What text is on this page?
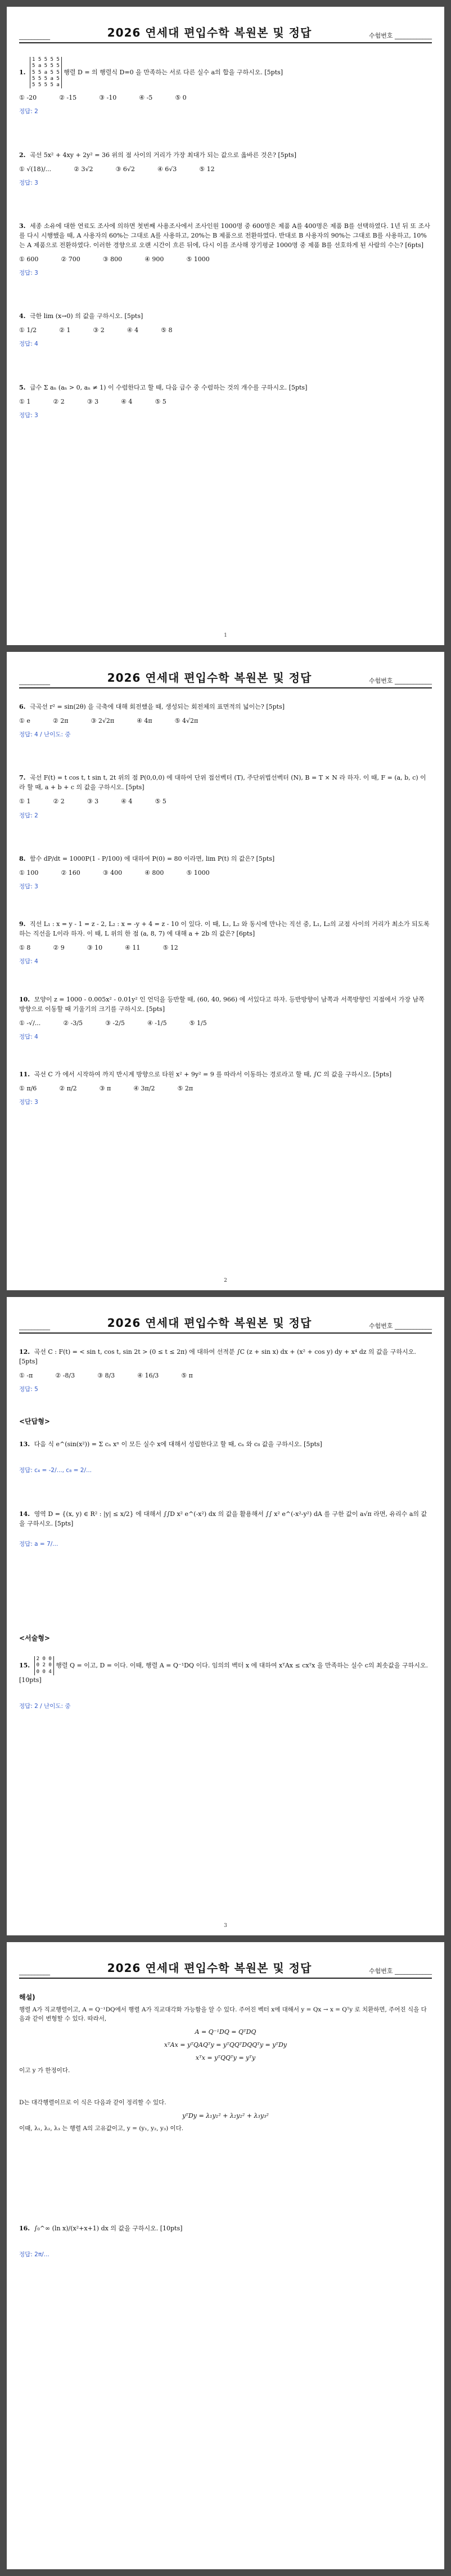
__________	2026 연세대 편입수학 복원본 및 정답	수험번호 ____________
1.
1 5 5 5 5
5 a 5 5 5
5 5 a 5 5
5 5 5 a 5
5 5 5 5 a
행렬 D = 의 행렬식 D=0 을 만족하는 서로 다른 실수 a의 합을 구하시오. [5pts]
① -20	② -15	③ -10	④ -5	⑤ 0
정답: 2
2. 곡선 5x² + 4xy + 2y² = 36 위의 점 사이의 거리가 가장 최대가 되는 값으로 옳바른 것은? [5pts]
① √(18)/...	② 3√2	③ 6√2	④ 6√3	⑤ 12
정답: 3
3. 세종 소유에 대한 연료도 조사에 의하면 첫번째 사용조사에서 조사인원 1000명 중 600명은 제품 A를 400명은 제품 B를 선택하였다. 1년 뒤 또 조사를 다시 시행했을 때, A 사용자의 60%는 그대로 A를 사용하고, 20%는 B 제품으로 전환하였다. 반대로 B 사용자의 90%는 그대로 B를 사용하고, 10%는 A 제품으로 전환하였다. 이러한 경향으로 오랜 시간이 흐른 뒤에, 다시 이를 조사해 장기평균 1000명 중 제품 B를 선호하게 된 사람의 수는? [6pts]
① 600	② 700	③ 800	④ 900	⑤ 1000
정답: 3
4. 극한 lim (x→0) 의 값을 구하시오. [5pts]
① 1/2	② 1	③ 2	④ 4	⑤ 8
정답: 4
5. 급수 Σ aₙ (aₙ > 0, aₙ ≠ 1) 이 수렴한다고 할 때, 다음 급수 중 수렴하는 것의 개수를 구하시오. [5pts]
① 1	② 2	③ 3	④ 4	⑤ 5
정답: 3
1
__________	2026 연세대 편입수학 복원본 및 정답	수험번호 ____________
6. 극곡선 r² = sin(2θ) 을 극축에 대해 회전했을 때, 생성되는 회전체의 표면적의 넓이는? [5pts]
① e	② 2π	③ 2√2π	④ 4π	⑤ 4√2π
정답: 4 / 난이도: 중
7. 곡선 F(t) = t cos t, t sin t, 2t 위의 점 P(0,0,0) 에 대하여 단위 접선벡터 (T), 주단위법선벡터 (N), B = T × N 라 하자. 이 때, F = (a, b, c) 이라 할 때, a + b + c 의 값을 구하시오. [5pts]
① 1	② 2	③ 3	④ 4	⑤ 5
정답: 2
8. 함수 dP/dt = 1000P(1 - P/100) 에 대하여 P(0) = 80 이라면, lim P(t) 의 값은? [5pts]
① 100	② 160	③ 400	④ 800	⑤ 1000
정답: 3
9. 직선 L₁ : x = y - 1 = z - 2, L₂ : x = -y + 4 = z - 10 이 있다. 이 때, L₁, L₂ 와 동시에 만나는 직선 중, L₁, L₂의 교점 사이의 거리가 최소가 되도록 하는 직선을 L이라 하자. 이 때, L 위의 한 점 (a, 8, 7) 에 대해 a + 2b 의 값은? [6pts]
① 8	② 9	③ 10	④ 11	⑤ 12
정답: 4
10. 모양이 z = 1000 - 0.005x² - 0.01y² 인 언덕을 등반할 때, (60, 40, 966) 에 서있다고 하자. 등반방향이 남쪽과 서쪽방향인 지점에서 가장 남쪽 방향으로 이동할 때 기울기의 크기를 구하시오. [5pts]
① -√/...	② -3/5	③ -2/5	④ -1/5	⑤ 1/5
정답: 4
11. 곡선 C 가 에서 시작하여 까지 반시계 방향으로 타원 x² + 9y² = 9 를 따라서 이동하는 경로라고 할 때, ∫C 의 값을 구하시오. [5pts]
① π/6	② π/2	③ π	④ 3π/2	⑤ 2π
정답: 3
2
__________	2026 연세대 편입수학 복원본 및 정답	수험번호 ____________
12. 곡선 C : F(t) = < sin t, cos t, sin 2t > (0 ≤ t ≤ 2π) 에 대하여 선적분 ∫C (z + sin x) dx + (x² + cos y) dy + x⁴ dz 의 값을 구하시오. [5pts]
① -π	② -8/3	③ 8/3	④ 16/3	⑤ π
정답: 5
<단답형>
13. 다음 식 e^(sin(x²)) = Σ cₙ xⁿ 이 모든 실수 x에 대해서 성립한다고 할 때, cₙ 와 c₈ 값을 구하시오. [5pts]
정답: c₄ = -2/..., c₈ = 2/...
14. 영역 D = {(x, y) ∈ R² : |y| ≤ x/2} 에 대해서 ∫∫D x² e^(-x²) dx 의 값을 활용해서 ∫∫ x² e^(-x²-y²) dA 를 구한 값이 a√π 라면, 유리수 a의 값을 구하시오. [5pts]
정답: a = 7/...
<서술형>
15.
2 0 0
0 2 0
0 0 4
행렬 Q = 이고, D = 이다. 이때, 행렬 A = Q⁻¹DQ 이다. 임의의 벡터 x 에 대하여 xᵀAx ≤ cxᵀx 을 만족하는 실수 c의 최솟값을 구하시오. [10pts]
정답: 2 / 난이도: 중
3
__________	2026 연세대 편입수학 복원본 및 정답	수험번호 ____________
해설)
행렬 A가 직교행렬이고, A = Q⁻¹DQ에서 행렬 A가 직교대각화 가능함을 알 수 있다. 주어진 벡터 x에 대해서 y = Qx → x = Qᵀy 로 치환하면, 주어진 식을 다음과 같이 변형할 수 있다. 따라서,
A = Q⁻¹DQ = QᵀDQ
xᵀAx = yᵀQAQᵀy = yᵀQQᵀDQQᵀy = yᵀDy
xᵀx = yᵀQQᵀy = yᵀy
이고 y 가 한정이다.
D는 대각행렬이므로 이 식은 다음과 같이 정리할 수 있다.
yᵀDy = λ₁y₁² + λ₂y₂² + λ₃y₃²
이때, λ₁, λ₂, λ₃ 는 행렬 A의 고유값이고, y = (y₁, y₂, y₃) 이다.
16. ∫₀^∞ (ln x)/(x²+x+1) dx 의 값을 구하시오. [10pts]
정답: 2π/...
